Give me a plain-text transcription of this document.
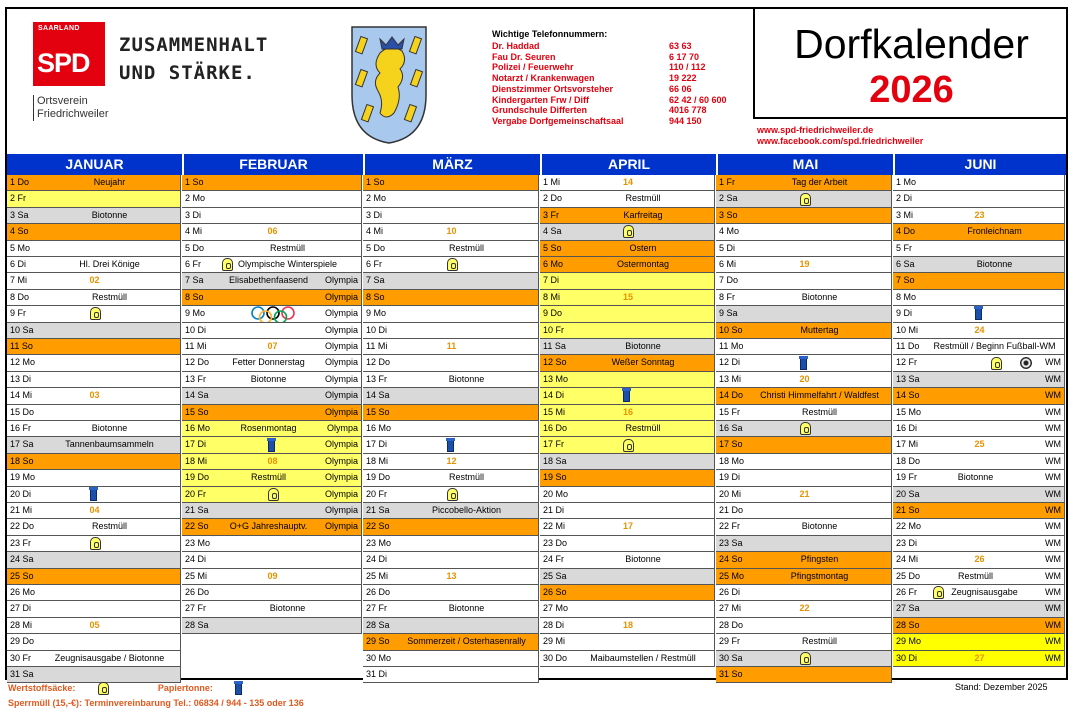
SAARLAND
SPD
ZUSAMMENHALT
UND STÄRKE.
Ortsverein
Friedrichweiler
Wichtige Telefonnummern:
Dr. Haddad	63 63
Fau Dr. Seuren	6 17 70
Polizei / Feuerwehr	110 / 112
Notarzt / Krankenwagen	19 222
Dienstzimmer Ortsvorsteher	66 06
Kindergarten Frw / Diff	62 42 / 60 600
Grundschule Differten	4016 778
Vergabe Dorfgemeinschaftsaal	944 150
Dorfkalender
2026
www.spd-friedrichweiler.de
www.facebook.com/spd.friedrichweiler
JANUAR
1 Do	Neujahr
2 Fr
3 Sa	Biotonne
4 So
5 Mo
6 Di	Hl. Drei Könige
7 Mi	02
8 Do	Restmüll
9 Fr
10 Sa
11 So
12 Mo
13 Di
14 Mi	03
15 Do
16 Fr	Biotonne
17 Sa	Tannenbaumsammeln
18 So
19 Mo
20 Di
21 Mi	04
22 Do	Restmüll
23 Fr
24 Sa
25 So
26 Mo
27 Di
28 Mi	05
29 Do
30 Fr	Zeugnisausgabe / Biotonne
31 Sa
FEBRUAR
1 So
2 Mo
3 Di
4 Mi	06
5 Do	Restmüll
6 Fr	Olympische Winterspiele
7 Sa	Elisabethenfaasend	Olympia
8 So	Olympia
9 Mo	Olympia
10 Di	Olympia
11 Mi	07	Olympia
12 Do	Fetter Donnerstag	Olympia
13 Fr	Biotonne	Olympia
14 Sa	Olympia
15 So	Olympia
16 Mo	Rosenmontag	Olympa
17 Di	Olympia
18 Mi	08	Olympia
19 Do	Restmüll	Olympia
20 Fr	Olympia
21 Sa	Olympia
22 So	O+G Jahreshauptv.	Olympia
23 Mo
24 Di
25 Mi	09
26 Do
27 Fr	Biotonne
28 Sa
MÄRZ
1 So
2 Mo
3 Di
4 Mi	10
5 Do	Restmüll
6 Fr
7 Sa
8 So
9 Mo
10 Di
11 Mi	11
12 Do
13 Fr	Biotonne
14 Sa
15 So
16 Mo
17 Di
18 Mi	12
19 Do	Restmüll
20 Fr
21 Sa	Piccobello-Aktion
22 So
23 Mo
24 Di
25 Mi	13
26 Do
27 Fr	Biotonne
28 Sa
29 So	Sommerzeit / Osterhasenrally
30 Mo
31 Di
APRIL
1 Mi	14
2 Do	Restmüll
3 Fr	Karfreitag
4 Sa
5 So	Ostern
6 Mo	Ostermontag
7 Di
8 Mi	15
9 Do
10 Fr
11 Sa	Biotonne
12 So	Weßer Sonntag
13 Mo
14 Di
15 Mi	16
16 Do	Restmüll
17 Fr
18 Sa
19 So
20 Mo
21 Di
22 Mi	17
23 Do
24 Fr	Biotonne
25 Sa
26 So
27 Mo
28 Di	18
29 Mi
30 Do	Maibaumstellen / Restmüll
MAI
1 Fr	Tag der Arbeit
2 Sa
3 So
4 Mo
5 Di
6 Mi	19
7 Do
8 Fr	Biotonne
9 Sa
10 So	Muttertag
11 Mo
12 Di
13 Mi	20
14 Do	Christi Himmelfahrt / Waldfest
15 Fr	Restmüll
16 Sa
17 So
18 Mo
19 Di
20 Mi	21
21 Do
22 Fr	Biotonne
23 Sa
24 So	Pfingsten
25 Mo	Pfingstmontag
26 Di
27 Mi	22
28 Do
29 Fr	Restmüll
30 Sa
31 So
JUNI
1 Mo
2 Di
3 Mi	23
4 Do	Fronleichnam
5 Fr
6 Sa	Biotonne
7 So
8 Mo
9 Di
10 Mi	24
11 Do	Restmüll / Beginn Fußball-WM
12 Fr	WM
13 Sa	WM
14 So	WM
15 Mo	WM
16 Di	WM
17 Mi	25	WM
18 Do	WM
19 Fr	Biotonne	WM
20 Sa	WM
21 So	WM
22 Mo	WM
23 Di	WM
24 Mi	26	WM
25 Do	Restmüll	WM
26 Fr	Zeugnisausgabe	WM
27 Sa	WM
28 So	WM
29 Mo	WM
30 Di	27	WM
Wertstoffsäcke:	Papiertonne:
Sperrmüll (15,-€): Terminvereinbarung Tel.: 06834 / 944 - 135 oder 136
Stand: Dezember 2025
